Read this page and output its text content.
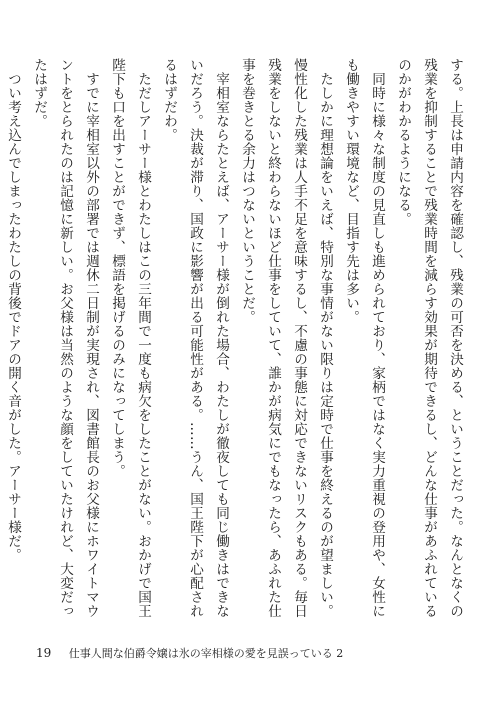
する。上長は申請内容を確認し、残業の可否を決める、ということだった。なんとなくの残業を抑制することで残業時間を減らす効果が期待できるし、どんな仕事があふれているのかがわかるようになる。

　同時に様々な制度の見直しも進められており、家柄ではなく実力重視の登用や、女性にも働きやすい環境など、目指す先は多い。

　たしかに理想論をいえば、特別な事情がない限りは定時で仕事を終えるのが望ましい。慢性化した残業は人手不足を意味するし、不慮の事態に対応できないリスクもある。毎日残業をしないと終わらないほど仕事をしていて、誰かが病気にでもなったら、あふれた仕事を巻きとる余力はつないということだ。

　宰相室ならたとえば、アーサー様が倒れた場合、わたしが徹夜しても同じ働きはできないだろう。決裁が滞り、国政に影響が出る可能性がある。……うん、国王陛下が心配されるはずだわ。

　ただしアーサー様とわたしはこの三年間で一度も病欠をしたことがない。おかげで国王陛下も口を出すことができず、標語を掲げるのみになってしまう。

　すでに宰相室以外の部署では週休二日制が実現され、図書館長のお父様にホワイトマウントをとられたのは記憶に新しい。お父様は当然のような顔をしていたけれど、大変だったはずだ。

　つい考え込んでしまったわたしの背後でドアの開く音がした。アーサー様だ。

19 仕事人間な伯爵令嬢は氷の宰相様の愛を見誤っている 2
